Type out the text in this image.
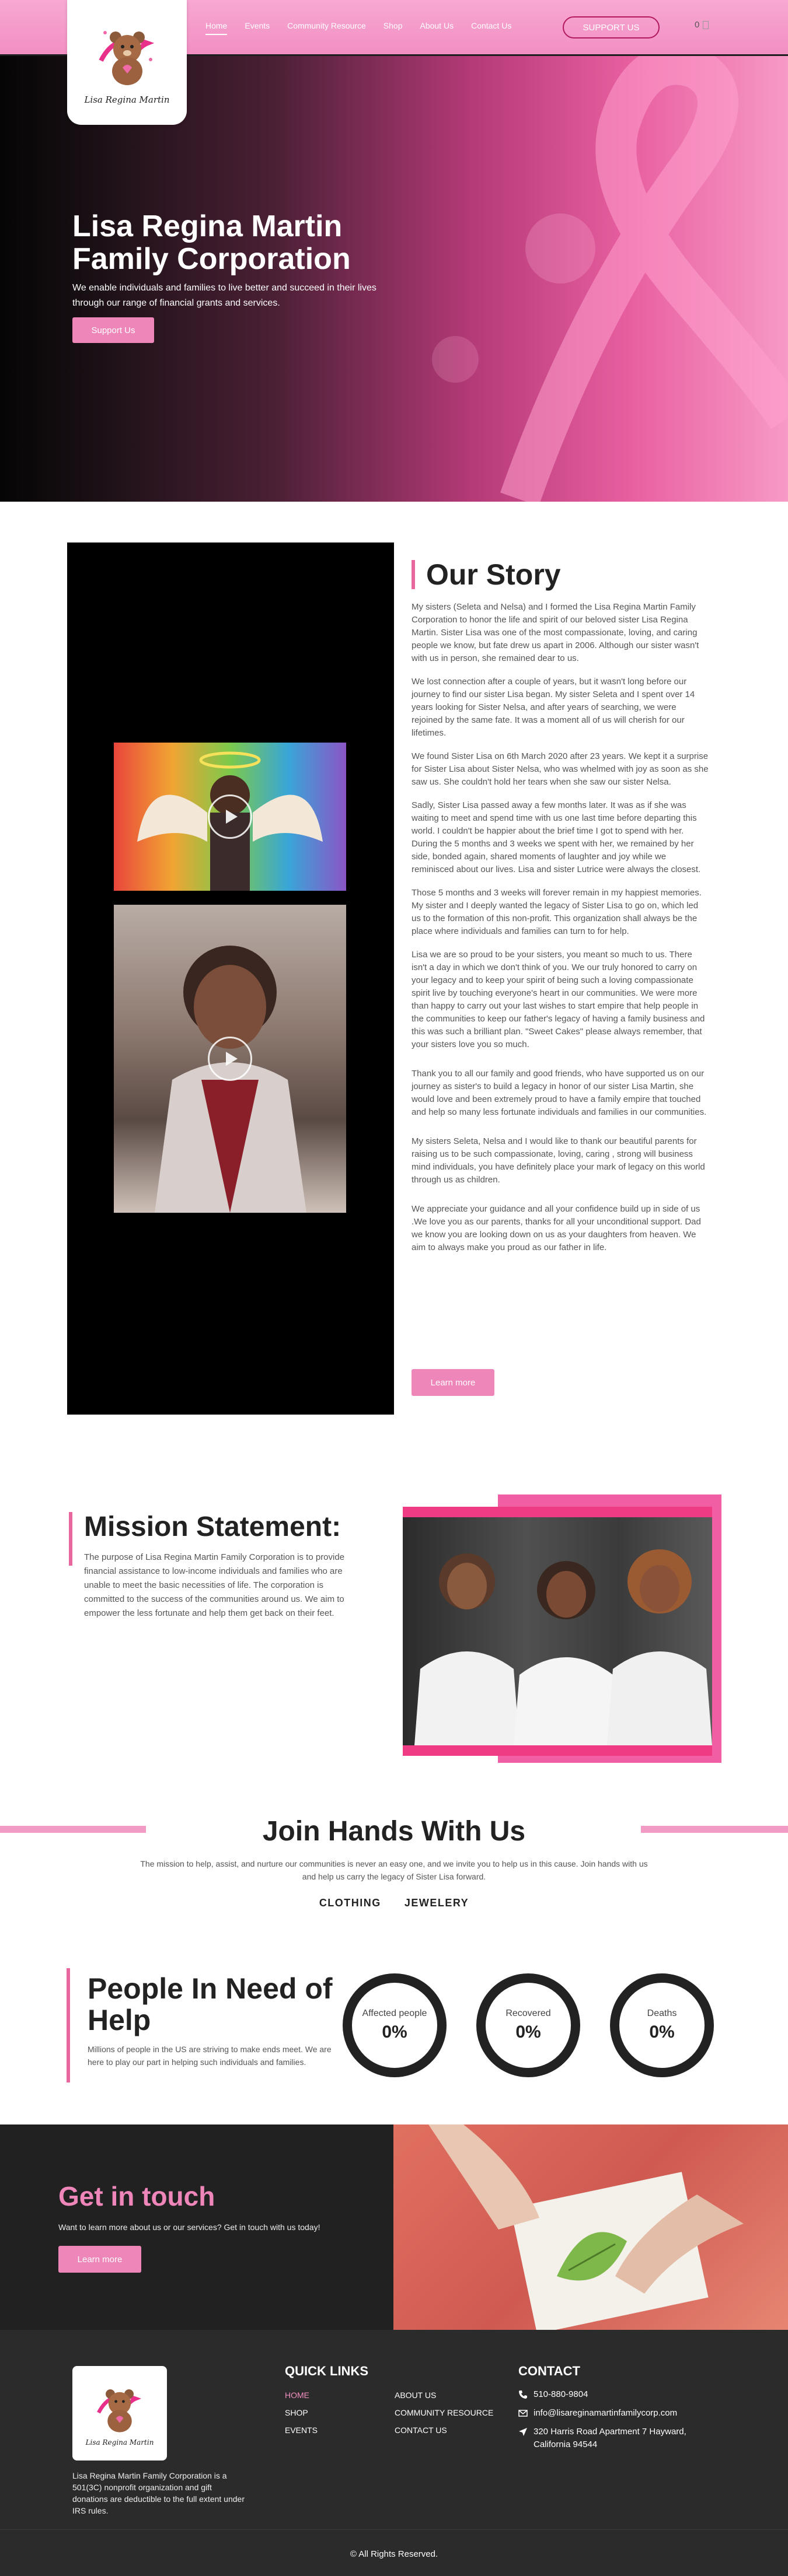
Home Events Community Resource Shop About Us Contact Us	SUPPORT US	0
Lisa Regina Martin
Lisa Regina Martin Family Corporation

We enable individuals and families to live better and succeed in their lives through our range of financial grants and services.

Support Us
Our Story

My sisters (Seleta and Nelsa) and I formed the Lisa Regina Martin Family Corporation to honor the life and spirit of our beloved sister Lisa Regina Martin. Sister Lisa was one of the most compassionate, loving, and caring people we know, but fate drew us apart in 2006. Although our sister wasn't with us in person, she remained dear to us.

We lost connection after a couple of years, but it wasn't long before our journey to find our sister Lisa began. My sister Seleta and I spent over 14 years looking for Sister Nelsa, and after years of searching, we were rejoined by the same fate. It was a moment all of us will cherish for our lifetimes.

We found Sister Lisa on 6th March 2020 after 23 years. We kept it a surprise for Sister Lisa about Sister Nelsa, who was whelmed with joy as soon as she saw us. She couldn't hold her tears when she saw our sister Nelsa.

Sadly, Sister Lisa passed away a few months later. It was as if she was waiting to meet and spend time with us one last time before departing this world. I couldn't be happier about the brief time I got to spend with her. During the 5 months and 3 weeks we spent with her, we remained by her side, bonded again, shared moments of laughter and joy while we reminisced about our lives. Lisa and sister Lutrice were always the closest.

Those 5 months and 3 weeks will forever remain in my happiest memories. My sister and I deeply wanted the legacy of Sister Lisa to go on, which led us to the formation of this non-profit. This organization shall always be the place where individuals and families can turn to for help.

Lisa we are so proud to be your sisters, you meant so much to us. There isn't a day in which we don't think of you. We our truly honored to carry on your legacy and to keep your spirit of being such a loving compassionate spirit live by touching everyone's heart in our communities. We were more than happy to carry out your last wishes to start empire that help people in the communities to keep our father's legacy of having a family business and this was such a brilliant plan. "Sweet Cakes" please always remember, that your sisters love you so much.

Thank you to all our family and good friends, who have supported us on our journey as sister's to build a legacy in honor of our sister Lisa Martin, she would love and been extremely proud to have a family empire that touched and help so many less fortunate individuals and families in our communities.

My sisters Seleta, Nelsa and I would like to thank our beautiful parents for raising us to be such compassionate, loving, caring , strong will business mind individuals, you have definitely place your mark of legacy on this world through us as children.

We appreciate your guidance and all your confidence build up in side of us .We love you as our parents, thanks for all your unconditional support. Dad we know you are looking down on us as your daughters from heaven. We aim to always make you proud as our father in life.

Learn more
Mission Statement:

The purpose of Lisa Regina Martin Family Corporation is to provide financial assistance to low-income individuals and families who are unable to meet the basic necessities of life. The corporation is committed to the success of the communities around us. We aim to empower the less fortunate and help them get back on their feet.

Join Hands With Us

The mission to help, assist, and nurture our communities is never an easy one, and we invite you to help us in this cause. Join hands with us and help us carry the legacy of Sister Lisa forward.

CLOTHING JEWELERY
People In Need of Help

Millions of people in the US are striving to make ends meet. We are here to play our part in helping such individuals and families.

Affected people
0%
Recovered
0%
Deaths
0%
Get in touch

Want to learn more about us or our services? Get in touch with us today!

Learn more
Lisa Regina Martin

Lisa Regina Martin Family Corporation is a 501(3C) nonprofit organization and gift donations are deductible to the full extent under IRS rules.

QUICK LINKS
HOME
SHOP
EVENTS
ABOUT US
COMMUNITY RESOURCE
CONTACT US
CONTACT
510-880-9804
info@lisareginamartinfamilycorp.com
320 Harris Road Apartment 7 Hayward, California 94544
© All Rights Reserved.
